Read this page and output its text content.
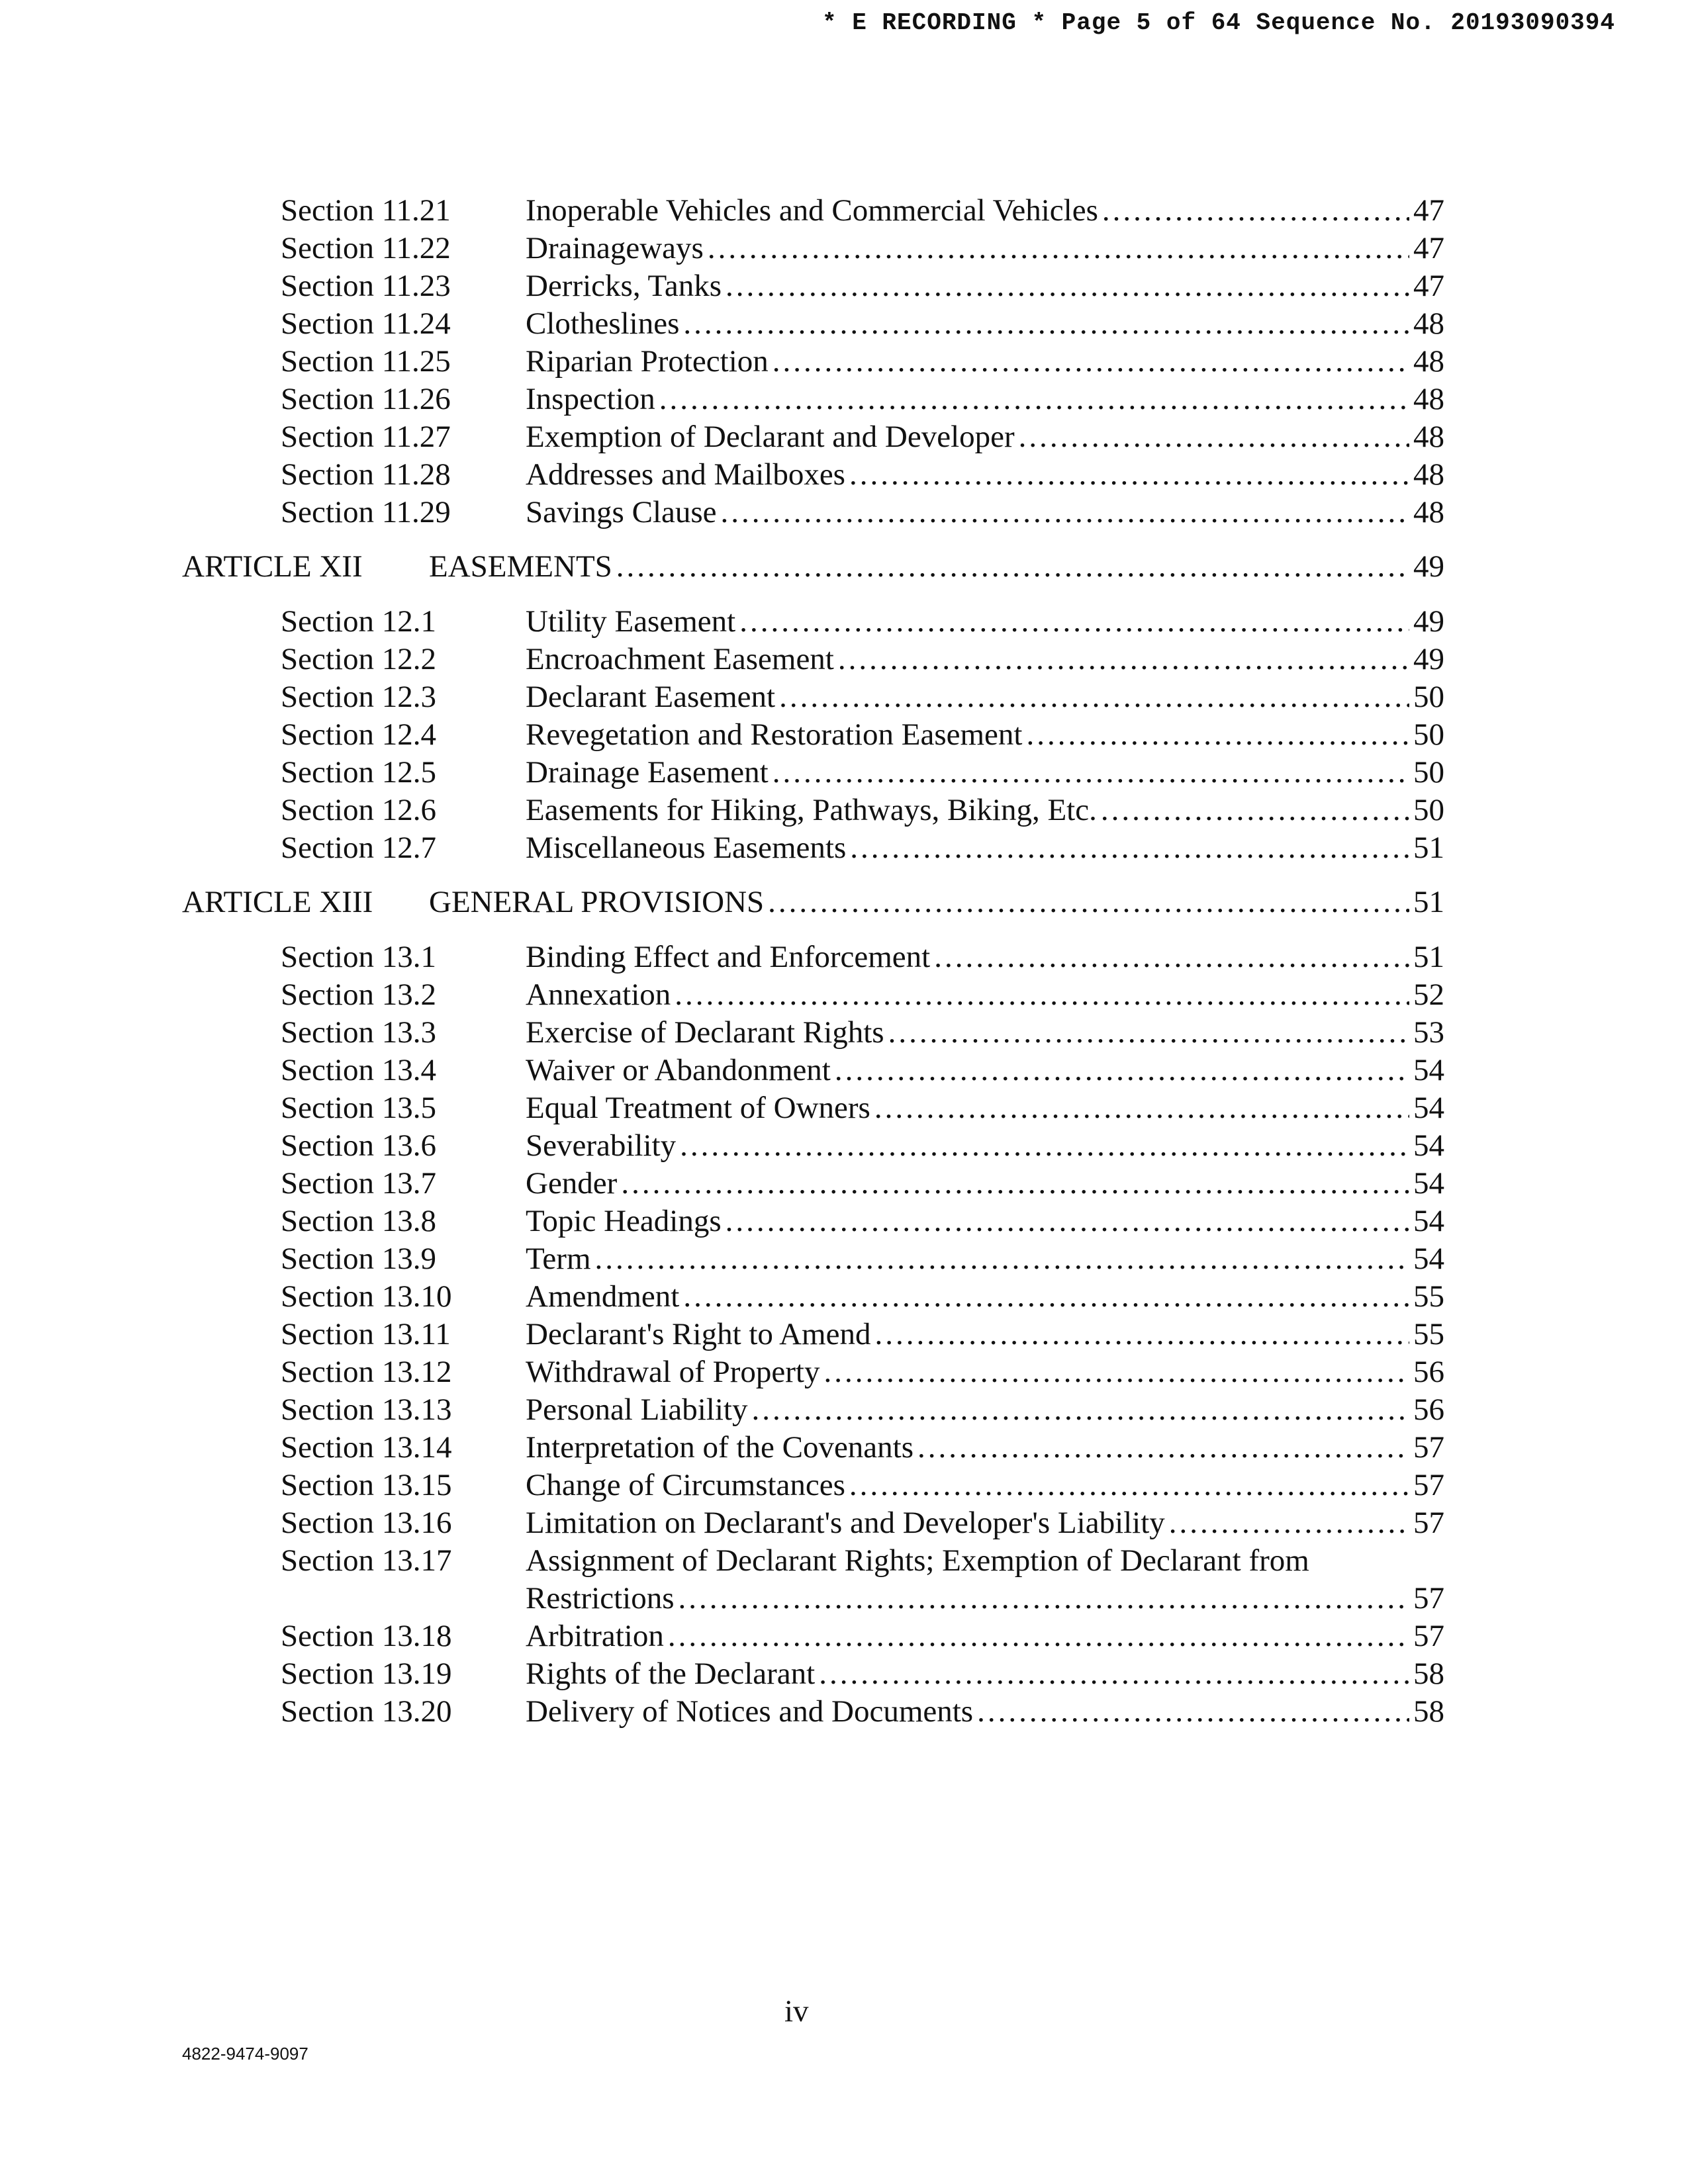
* E RECORDING * Page 5 of 64 Sequence No. 20193090394
Section 11.21 Inoperable Vehicles and Commercial Vehicles .....	47
Section 11.22 Drainageways .....	47
Section 11.23 Derricks, Tanks .....	47
Section 11.24 Clotheslines .....	48
Section 11.25 Riparian Protection .....	48
Section 11.26 Inspection .....	48
Section 11.27 Exemption of Declarant and Developer .....	48
Section 11.28 Addresses and Mailboxes .....	48
Section 11.29 Savings Clause .....	48
ARTICLE XII EASEMENTS .....	49
Section 12.1	Utility Easement .....	49
Section 12.2	Encroachment Easement .....	49
Section 12.3	Declarant Easement .....	50
Section 12.4	Revegetation and Restoration Easement .....	50
Section 12.5	Drainage Easement .....	50
Section 12.6	Easements for Hiking, Pathways, Biking, Etc. .....	50
Section 12.7	Miscellaneous Easements .....	51
ARTICLE XIII GENERAL PROVISIONS .....	51
Section 13.1	Binding Effect and Enforcement .....	51
Section 13.2	Annexation .....	52
Section 13.3	Exercise of Declarant Rights .....	53
Section 13.4	Waiver or Abandonment .....	54
Section 13.5	Equal Treatment of Owners .....	54
Section 13.6	Severability .....	54
Section 13.7	Gender .....	54
Section 13.8	Topic Headings .....	54
Section 13.9	Term .....	54
Section 13.10 Amendment .....	55
Section 13.11 Declarant's Right to Amend .....	55
Section 13.12 Withdrawal of Property .....	56
Section 13.13 Personal Liability .....	56
Section 13.14 Interpretation of the Covenants .....	57
Section 13.15 Change of Circumstances .....	57
Section 13.16 Limitation on Declarant's and Developer's Liability .....	57
Section 13.17 Assignment of Declarant Rights; Exemption of Declarant from
Restrictions .....	57
Section 13.18 Arbitration .....	57
Section 13.19 Rights of the Declarant .....	58
Section 13.20 Delivery of Notices and Documents .....	58
iv
4822-9474-9097
